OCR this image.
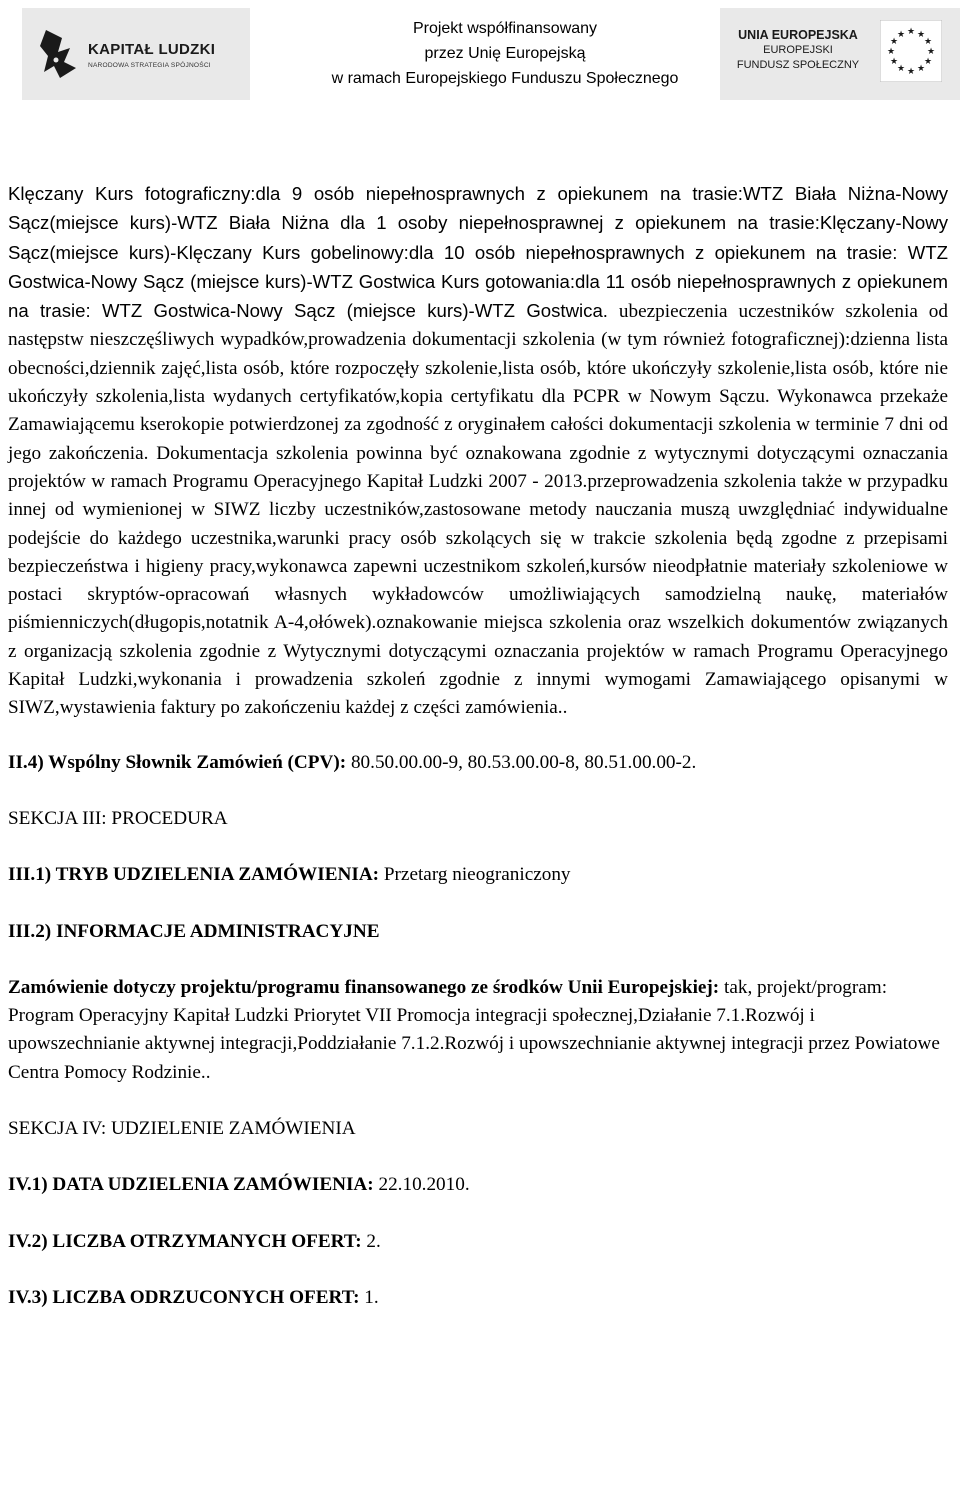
KAPITAŁ LUDZKI
NARODOWA STRATEGIA SPÓJNOŚCI
Projekt współfinansowany
przez Unię Europejską
w ramach Europejskiego Funduszu Społecznego
UNIA EUROPEJSKA
EUROPEJSKI
FUNDUSZ SPOŁECZNY
★ ★
★
★
★
★
★
★
★
★
★
★

Klęczany Kurs fotograficzny:dla 9 osób niepełnosprawnych z opiekunem na trasie:WTZ Biała Niżna-Nowy Sącz(miejsce kurs)-WTZ Biała Niżna dla 1 osoby niepełnosprawnej z opiekunem na trasie:Klęczany-Nowy Sącz(miejsce kurs)-Klęczany Kurs gobelinowy:dla 10 osób niepełnosprawnych z opiekunem na trasie: WTZ Gostwica-Nowy Sącz (miejsce kurs)-WTZ Gostwica Kurs gotowania:dla 11 osób niepełnosprawnych z opiekunem na trasie: WTZ Gostwica-Nowy Sącz (miejsce kurs)-WTZ Gostwica. ubezpieczenia uczestników szkolenia od następstw nieszczęśliwych wypadków,prowadzenia dokumentacji szkolenia (w tym również fotograficznej):dzienna lista obecności,dziennik zajęć,lista osób, które rozpoczęły szkolenie,lista osób, które ukończyły szkolenie,lista osób, które nie ukończyły szkolenia,lista wydanych certyfikatów,kopia certyfikatu dla PCPR w Nowym Sączu. Wykonawca przekaże Zamawiającemu kserokopie potwierdzonej za zgodność z oryginałem całości dokumentacji szkolenia w terminie 7 dni od jego zakończenia. Dokumentacja szkolenia powinna być oznakowana zgodnie z wytycznymi dotyczącymi oznaczania projektów w ramach Programu Operacyjnego Kapitał Ludzki 2007 - 2013.przeprowadzenia szkolenia także w przypadku innej od wymienionej w SIWZ liczby uczestników,zastosowane metody nauczania muszą uwzględniać indywidualne podejście do każdego uczestnika,warunki pracy osób szkolących się w trakcie szkolenia będą zgodne z przepisami bezpieczeństwa i higieny pracy,wykonawca zapewni uczestnikom szkoleń,kursów nieodpłatnie materiały szkoleniowe w postaci skryptów-opracowań własnych wykładowców umożliwiających samodzielną naukę, materiałów piśmienniczych(długopis,notatnik A-4,ołówek).oznakowanie miejsca szkolenia oraz wszelkich dokumentów związanych z organizacją szkolenia zgodnie z Wytycznymi dotyczącymi oznaczania projektów w ramach Programu Operacyjnego Kapitał Ludzki,wykonania i prowadzenia szkoleń zgodnie z innymi wymogami Zamawiającego opisanymi w SIWZ,wystawienia faktury po zakończeniu każdej z części zamówienia..

II.4) Wspólny Słownik Zamówień (CPV): 80.50.00.00-9, 80.53.00.00-8, 80.51.00.00-2.

SEKCJA III: PROCEDURA

III.1) TRYB UDZIELENIA ZAMÓWIENIA: Przetarg nieograniczony

III.2) INFORMACJE ADMINISTRACYJNE

Zamówienie dotyczy projektu/programu finansowanego ze środków Unii Europejskiej: tak, projekt/program: Program Operacyjny Kapitał Ludzki Priorytet VII Promocja integracji społecznej,Działanie 7.1.Rozwój i upowszechnianie aktywnej integracji,Poddziałanie 7.1.2.Rozwój i upowszechnianie aktywnej integracji przez Powiatowe Centra Pomocy Rodzinie..

SEKCJA IV: UDZIELENIE ZAMÓWIENIA

IV.1) DATA UDZIELENIA ZAMÓWIENIA: 22.10.2010.

IV.2) LICZBA OTRZYMANYCH OFERT: 2.

IV.3) LICZBA ODRZUCONYCH OFERT: 1.
